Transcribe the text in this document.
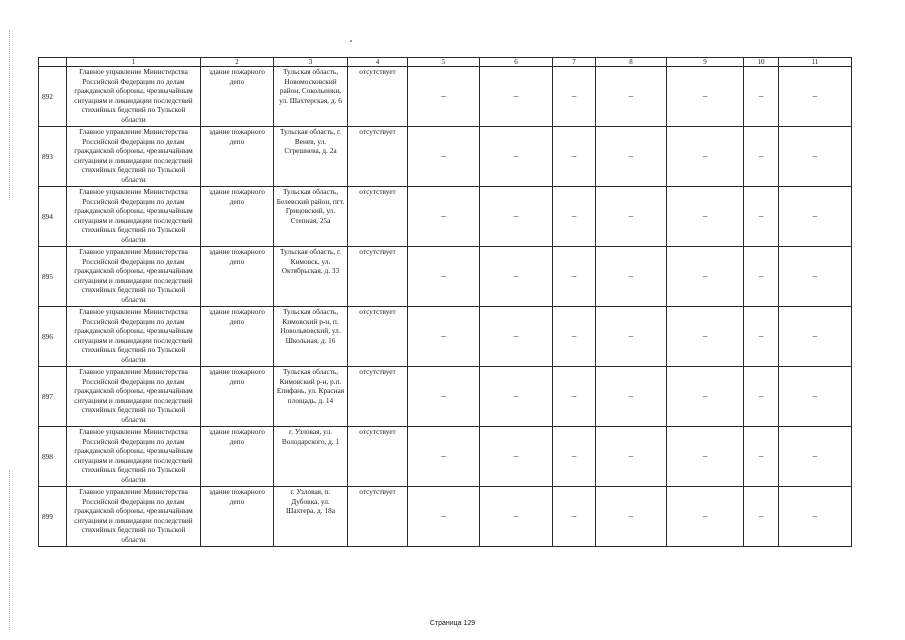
	1	2	3	4	5	6	7	8	9	10	11
892	Главное управление Министерства Российской Федерации по делам гражданской обороны, чрезвычайным ситуациям и ликвидации последствий стихийных бедствий по Тульской области	здание пожарного депо	Тульская область, Новомосковский район, Сокольники, ул. Шахтерская, д. 6	отсутствует	–	–	–	–	–	–	–
893	Главное управление Министерства Российской Федерации по делам гражданской обороны, чрезвычайным ситуациям и ликвидации последствий стихийных бедствий по Тульской области	здание пожарного депо	Тульская область, г. Венев, ул. Стрешнева, д. 2а	отсутствует	–	–	–	–	–	–	–
894	Главное управление Министерства Российской Федерации по делам гражданской обороны, чрезвычайным ситуациям и ликвидации последствий стихийных бедствий по Тульской области	здание пожарного депо	Тульская область, Белевский район, пгт. Грицовский, ул. Степная, 25а	отсутствует	–	–	–	–	–	–	–
895	Главное управление Министерства Российской Федерации по делам гражданской обороны, чрезвычайным ситуациям и ликвидации последствий стихийных бедствий по Тульской области	здание пожарного депо	Тульская область, г. Кимовск, ул. Октябрьская, д. 33	отсутствует	–	–	–	–	–	–	–
896	Главное управление Министерства Российской Федерации по делам гражданской обороны, чрезвычайным ситуациям и ликвидации последствий стихийных бедствий по Тульской области	здание пожарного депо	Тульская область, Кимовский р-н, п. Новольвовский, ул. Школьная, д. 16	отсутствует	–	–	–	–	–	–	–
897	Главное управление Министерства Российской Федерации по делам гражданской обороны, чрезвычайным ситуациям и ликвидации последствий стихийных бедствий по Тульской области	здание пожарного депо	Тульская область, Кимовский р-н, р.п. Епифань, ул. Красная площадь, д. 14	отсутствует	–	–	–	–	–	–	–
898	Главное управление Министерства Российской Федерации по делам гражданской обороны, чрезвычайным ситуациям и ликвидации последствий стихийных бедствий по Тульской области	здание пожарного депо	г. Узловая, ул. Володарского, д. 1	отсутствует	–	–	–	–	–	–	–
899	Главное управление Министерства Российской Федерации по делам гражданской обороны, чрезвычайным ситуациям и ликвидации последствий стихийных бедствий по Тульской области	здание пожарного депо	г. Узловая, п. Дубовка, ул. Шахтера, д. 18а	отсутствует	–	–	–	–	–	–	–
Страница 129
